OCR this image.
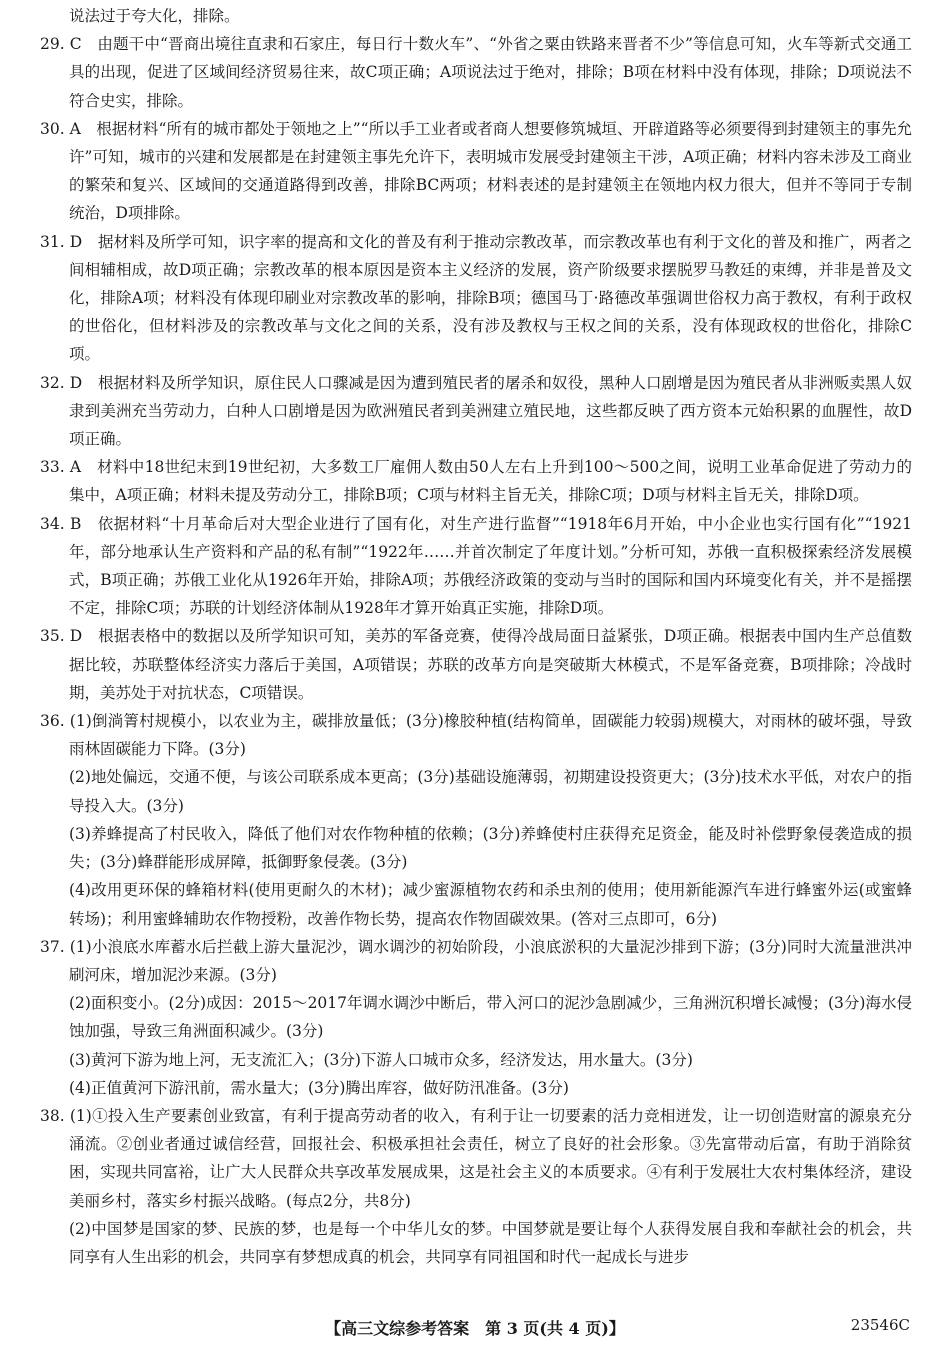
说法过于夸大化，排除。

29. C　由题干中“晋商出境往直隶和石家庄，每日行十数火车”、“外省之粟由铁路来晋者不少”等信息可知，火车等新式交通工具的出现，促进了区域间经济贸易往来，故C项正确；A项说法过于绝对，排除；B项在材料中没有体现，排除；D项说法不符合史实，排除。

30. A　根据材料“所有的城市都处于领地之上”“所以手工业者或者商人想要修筑城垣、开辟道路等必须要得到封建领主的事先允许”可知，城市的兴建和发展都是在封建领主事先允许下，表明城市发展受封建领主干涉，A项正确；材料内容未涉及工商业的繁荣和复兴、区域间的交通道路得到改善，排除BC两项；材料表述的是封建领主在领地内权力很大，但并不等同于专制统治，D项排除。

31. D　据材料及所学可知，识字率的提高和文化的普及有利于推动宗教改革，而宗教改革也有利于文化的普及和推广，两者之间相辅相成，故D项正确；宗教改革的根本原因是资本主义经济的发展，资产阶级要求摆脱罗马教廷的束缚，并非是普及文化，排除A项；材料没有体现印刷业对宗教改革的影响，排除B项；德国马丁·路德改革强调世俗权力高于教权，有利于政权的世俗化，但材料涉及的宗教改革与文化之间的关系，没有涉及教权与王权之间的关系，没有体现政权的世俗化，排除C项。

32. D　根据材料及所学知识，原住民人口骤减是因为遭到殖民者的屠杀和奴役，黑种人口剧增是因为殖民者从非洲贩卖黑人奴隶到美洲充当劳动力，白种人口剧增是因为欧洲殖民者到美洲建立殖民地，这些都反映了西方资本元始积累的血腥性，故D项正确。

33. A　材料中18世纪末到19世纪初，大多数工厂雇佣人数由50人左右上升到100～500之间，说明工业革命促进了劳动力的集中，A项正确；材料未提及劳动分工，排除B项；C项与材料主旨无关，排除C项；D项与材料主旨无关，排除D项。

34. B　依据材料“十月革命后对大型企业进行了国有化，对生产进行监督”“1918年6月开始，中小企业也实行国有化”“1921年，部分地承认生产资料和产品的私有制”“1922年……并首次制定了年度计划。”分析可知，苏俄一直积极探索经济发展模式，B项正确；苏俄工业化从1926年开始，排除A项；苏俄经济政策的变动与当时的国际和国内环境变化有关，并不是摇摆不定，排除C项；苏联的计划经济体制从1928年才算开始真正实施，排除D项。

35. D　根据表格中的数据以及所学知识可知，美苏的军备竞赛，使得冷战局面日益紧张，D项正确。根据表中国内生产总值数据比较，苏联整体经济实力落后于美国，A项错误；苏联的改革方向是突破斯大林模式，不是军备竞赛，B项排除；冷战时期，美苏处于对抗状态，C项错误。

36. (1)倒淌箐村规模小，以农业为主，碳排放量低；(3分)橡胶种植(结构简单，固碳能力较弱)规模大，对雨林的破坏强，导致雨林固碳能力下降。(3分)

(2)地处偏远，交通不便，与该公司联系成本更高；(3分)基础设施薄弱，初期建设投资更大；(3分)技术水平低，对农户的指导投入大。(3分)

(3)养蜂提高了村民收入，降低了他们对农作物种植的依赖；(3分)养蜂使村庄获得充足资金，能及时补偿野象侵袭造成的损失；(3分)蜂群能形成屏障，抵御野象侵袭。(3分)

(4)改用更环保的蜂箱材料(使用更耐久的木材)；减少蜜源植物农药和杀虫剂的使用；使用新能源汽车进行蜂蜜外运(或蜜蜂转场)；利用蜜蜂辅助农作物授粉，改善作物长势，提高农作物固碳效果。(答对三点即可，6分)

37. (1)小浪底水库蓄水后拦截上游大量泥沙，调水调沙的初始阶段，小浪底淤积的大量泥沙排到下游；(3分)同时大流量泄洪冲刷河床，增加泥沙来源。(3分)

(2)面积变小。(2分)成因：2015～2017年调水调沙中断后，带入河口的泥沙急剧减少，三角洲沉积增长减慢；(3分)海水侵蚀加强，导致三角洲面积减少。(3分)

(3)黄河下游为地上河，无支流汇入；(3分)下游人口城市众多，经济发达，用水量大。(3分)

(4)正值黄河下游汛前，需水量大；(3分)腾出库容，做好防汛准备。(3分)

38. (1)①投入生产要素创业致富，有利于提高劳动者的收入，有利于让一切要素的活力竞相迸发，让一切创造财富的源泉充分涌流。②创业者通过诚信经营，回报社会、积极承担社会责任，树立了良好的社会形象。③先富带动后富，有助于消除贫困，实现共同富裕，让广大人民群众共享改革发展成果，这是社会主义的本质要求。④有利于发展壮大农村集体经济，建设美丽乡村，落实乡村振兴战略。(每点2分，共8分)

(2)中国梦是国家的梦、民族的梦，也是每一个中华儿女的梦。中国梦就是要让每个人获得发展自我和奉献社会的机会，共同享有人生出彩的机会，共同享有梦想成真的机会，共同享有同祖国和时代一起成长与进步

【高三文综参考答案　第 3 页(共 4 页)】	23546C
